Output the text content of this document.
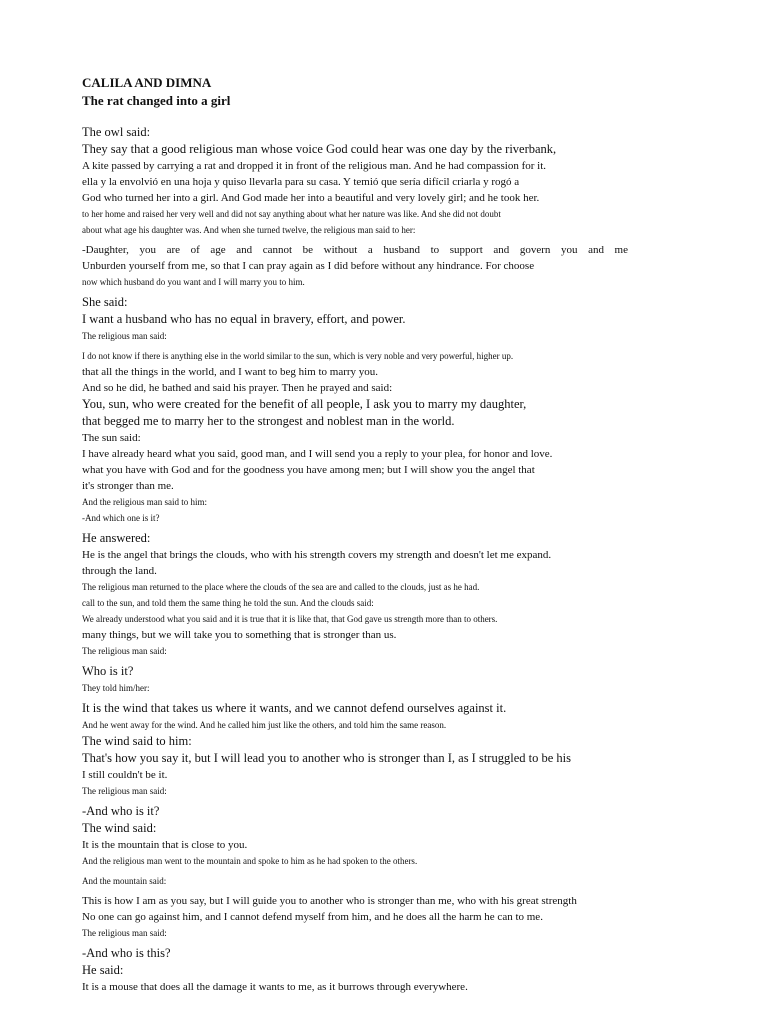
CALILA AND DIMNA
The rat changed into a girl
The owl said:
They say that a good religious man whose voice God could hear was one day by the riverbank,
A kite passed by carrying a rat and dropped it in front of the religious man. And he had compassion for it.
ella y la envolvió en una hoja y quiso llevarla para su casa. Y temió que sería difícil criarla y rogó a
God who turned her into a girl. And God made her into a beautiful and very lovely girl; and he took her.
to her home and raised her very well and did not say anything about what her nature was like. And she did not doubt
about what age his daughter was. And when she turned twelve, the religious man said to her:
-Daughter, you are of age and cannot be without a husband to support and govern you and me
Unburden yourself from me, so that I can pray again as I did before without any hindrance. For choose
now which husband do you want and I will marry you to him.
She said:
I want a husband who has no equal in bravery, effort, and power.
The religious man said:
I do not know if there is anything else in the world similar to the sun, which is very noble and very powerful, higher up.
that all the things in the world, and I want to beg him to marry you.
And so he did, he bathed and said his prayer. Then he prayed and said:
You, sun, who were created for the benefit of all people, I ask you to marry my daughter,
that begged me to marry her to the strongest and noblest man in the world.
The sun said:
I have already heard what you said, good man, and I will send you a reply to your plea, for honor and love.
what you have with God and for the goodness you have among men; but I will show you the angel that
it's stronger than me.
And the religious man said to him:
-And which one is it?
He answered:
He is the angel that brings the clouds, who with his strength covers my strength and doesn't let me expand.
through the land.
The religious man returned to the place where the clouds of the sea are and called to the clouds, just as he had.
call to the sun, and told them the same thing he told the sun. And the clouds said:
We already understood what you said and it is true that it is like that, that God gave us strength more than to others.
many things, but we will take you to something that is stronger than us.
The religious man said:
Who is it?
They told him/her:
It is the wind that takes us where it wants, and we cannot defend ourselves against it.
And he went away for the wind. And he called him just like the others, and told him the same reason.
The wind said to him:
That's how you say it, but I will lead you to another who is stronger than I, as I struggled to be his
I still couldn't be it.
The religious man said:
-And who is it?
The wind said:
It is the mountain that is close to you.
And the religious man went to the mountain and spoke to him as he had spoken to the others.
And the mountain said:
This is how I am as you say, but I will guide you to another who is stronger than me, who with his great strength
No one can go against him, and I cannot defend myself from him, and he does all the harm he can to me.
The religious man said:
-And who is this?
He said:
It is a mouse that does all the damage it wants to me, as it burrows through everywhere.
